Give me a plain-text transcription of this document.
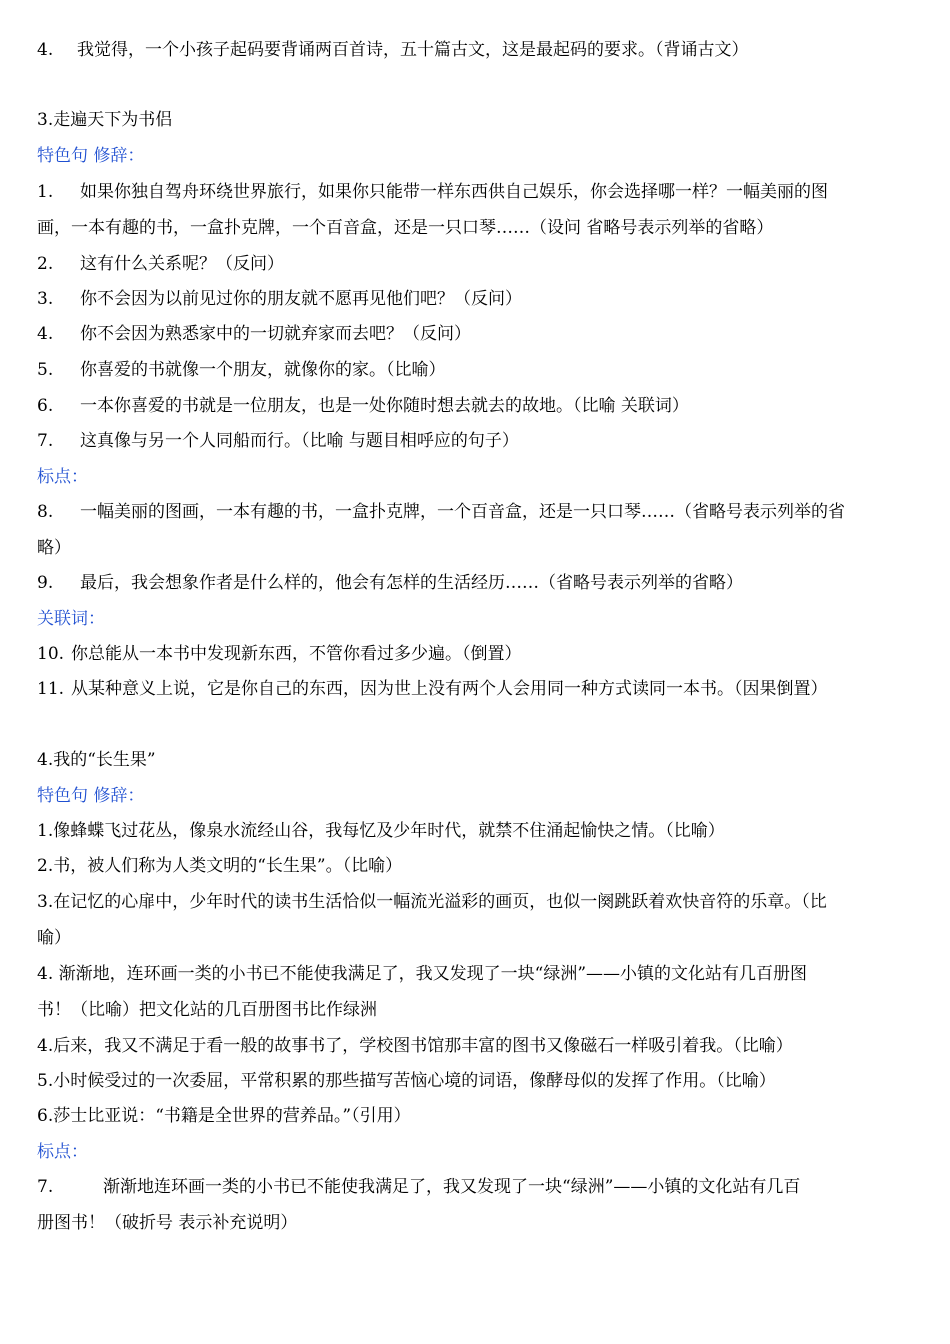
4. 我觉得，一个小孩子起码要背诵两百首诗，五十篇古文，这是最起码的要求。（背诵古文）
3.走遍天下为书侣
特色句 修辞：
1. 如果你独自驾舟环绕世界旅行，如果你只能带一样东西供自己娱乐，你会选择哪一样？一幅美丽的图
画，一本有趣的书，一盒扑克牌，一个百音盒，还是一只口琴……（设问 省略号表示列举的省略）
2. 这有什么关系呢？（反问）
3. 你不会因为以前见过你的朋友就不愿再见他们吧？（反问）
4. 你不会因为熟悉家中的一切就弃家而去吧？（反问）
5. 你喜爱的书就像一个朋友，就像你的家。（比喻）
6. 一本你喜爱的书就是一位朋友，也是一处你随时想去就去的故地。（比喻 关联词）
7. 这真像与另一个人同船而行。（比喻 与题目相呼应的句子）
标点：
8. 一幅美丽的图画，一本有趣的书，一盒扑克牌，一个百音盒，还是一只口琴……（省略号表示列举的省
略）
9. 最后，我会想象作者是什么样的，他会有怎样的生活经历……（省略号表示列举的省略）
关联词：
10. 你总能从一本书中发现新东西，不管你看过多少遍。（倒置）
11. 从某种意义上说，它是你自己的东西，因为世上没有两个人会用同一种方式读同一本书。（因果倒置）
4.我的“长生果”
特色句 修辞：
1.像蜂蝶飞过花丛，像泉水流经山谷，我每忆及少年时代，就禁不住涌起愉快之情。（比喻）
2.书，被人们称为人类文明的“长生果”。（比喻）
3.在记忆的心扉中，少年时代的读书生活恰似一幅流光溢彩的画页，也似一阕跳跃着欢快音符的乐章。（比
喻）
4. 渐渐地，连环画一类的小书已不能使我满足了，我又发现了一块“绿洲”——小镇的文化站有几百册图
书！（比喻）把文化站的几百册图书比作绿洲
4.后来，我又不满足于看一般的故事书了，学校图书馆那丰富的图书又像磁石一样吸引着我。（比喻）
5.小时候受过的一次委屈，平常积累的那些描写苦恼心境的词语，像酵母似的发挥了作用。（比喻）
6.莎士比亚说：“书籍是全世界的营养品。”（引用）
标点：
7.	渐渐地连环画一类的小书已不能使我满足了，我又发现了一块“绿洲”——小镇的文化站有几百
册图书！（破折号 表示补充说明）
